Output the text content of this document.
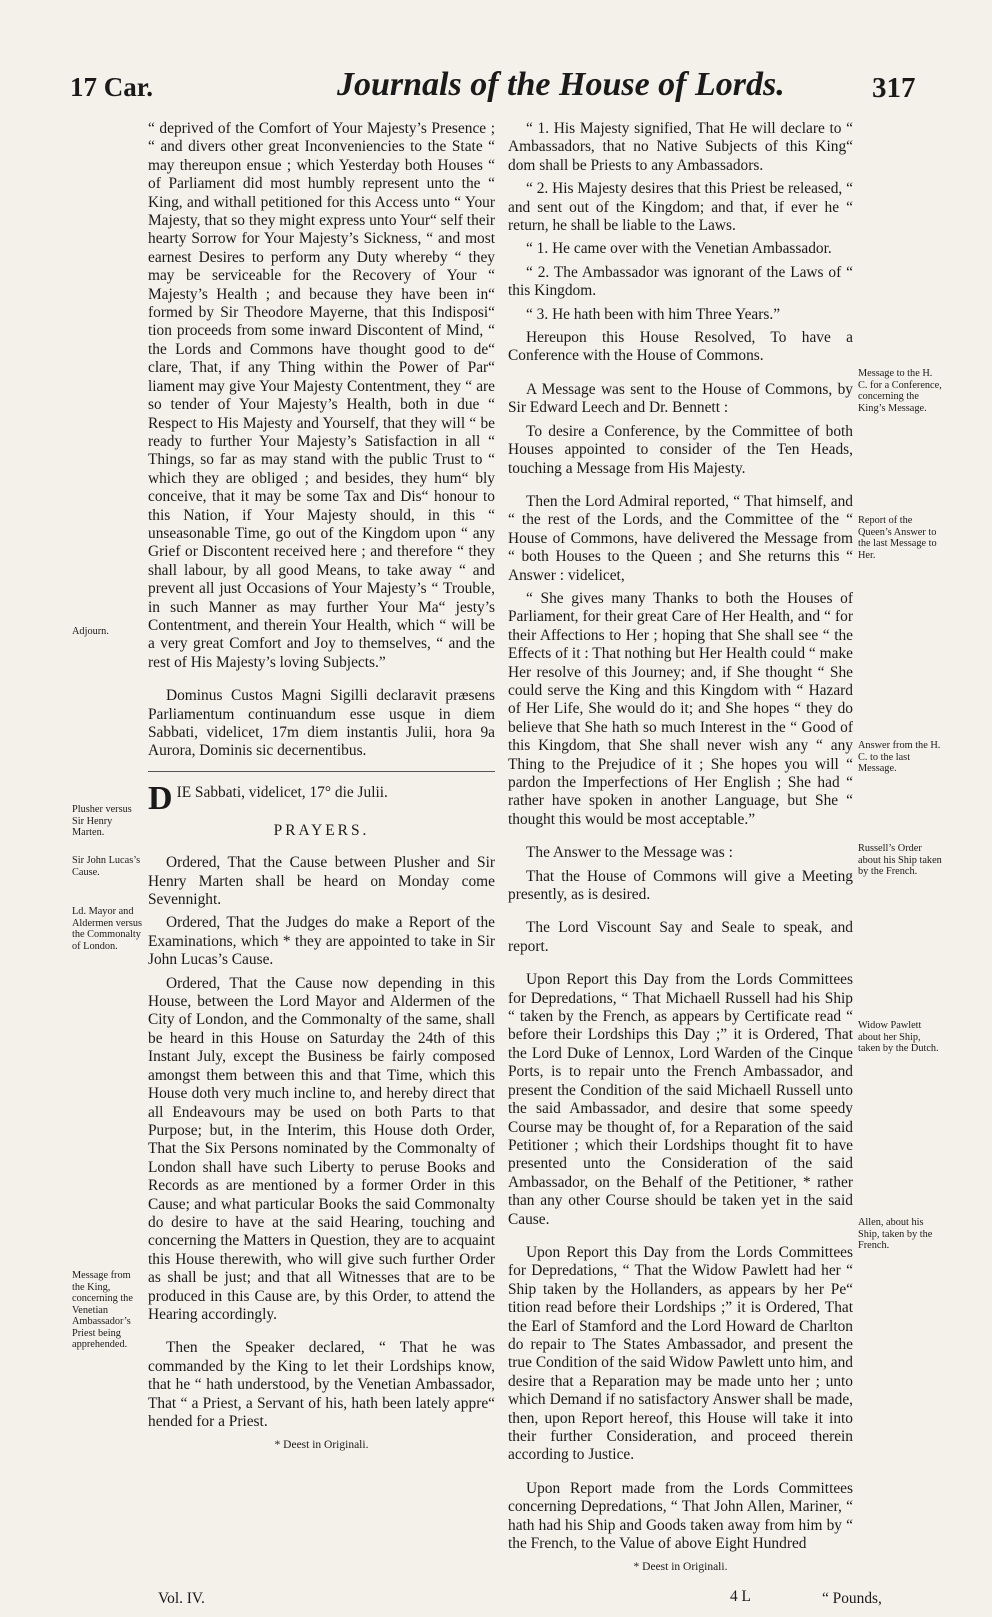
17 Car.	Journals of the House of Lords.	317

“ deprived of the Comfort of Your Majesty’s Presence ; “ and divers other great Inconveniencies to the State “ may thereupon ensue ; which Yesterday both Houses “ of Parliament did most humbly represent unto the “ King, and withall petitioned for this Access unto “ Your Majesty, that so they might express unto Your“ self their hearty Sorrow for Your Majesty’s Sickness, “ and most earnest Desires to perform any Duty whereby “ they may be serviceable for the Recovery of Your “ Majesty’s Health ; and because they have been in“ formed by Sir Theodore Mayerne, that this Indisposi“ tion proceeds from some inward Discontent of Mind, “ the Lords and Commons have thought good to de“ clare, That, if any Thing within the Power of Par“ liament may give Your Majesty Contentment, they “ are so tender of Your Majesty’s Health, both in due “ Respect to His Majesty and Yourself, that they will “ be ready to further Your Majesty’s Satisfaction in all “ Things, so far as may stand with the public Trust to “ which they are obliged ; and besides, they hum“ bly conceive, that it may be some Tax and Dis“ honour to this Nation, if Your Majesty should, in this “ unseasonable Time, go out of the Kingdom upon “ any Grief or Discontent received here ; and therefore “ they shall labour, by all good Means, to take away “ and prevent all just Occasions of Your Majesty’s “ Trouble, in such Manner as may further Your Ma“ jesty’s Contentment, and therein Your Health, which “ will be a very great Comfort and Joy to themselves, “ and the rest of His Majesty’s loving Subjects.”

Dominus Custos Magni Sigilli declaravit præsens Parliamentum continuandum esse usque in diem Sabbati, videlicet, 17m diem instantis Julii, hora 9a Aurora, Dominis sic decernentibus.

DIE Sabbati, videlicet, 17° die Julii.

PRAYERS.

Ordered, That the Cause between Plusher and Sir Henry Marten shall be heard on Monday come Sevennight.

Ordered, That the Judges do make a Report of the Examinations, which * they are appointed to take in Sir John Lucas’s Cause.

Ordered, That the Cause now depending in this House, between the Lord Mayor and Aldermen of the City of London, and the Commonalty of the same, shall be heard in this House on Saturday the 24th of this Instant July, except the Business be fairly composed amongst them between this and that Time, which this House doth very much incline to, and hereby direct that all Endeavours may be used on both Parts to that Purpose; but, in the Interim, this House doth Order, That the Six Persons nominated by the Commonalty of London shall have such Liberty to peruse Books and Records as are mentioned by a former Order in this Cause; and what particular Books the said Commonalty do desire to have at the said Hearing, touching and concerning the Matters in Question, they are to acquaint this House therewith, who will give such further Order as shall be just; and that all Witnesses that are to be produced in this Cause are, by this Order, to attend the Hearing accordingly.

Then the Speaker declared, “ That he was commanded by the King to let their Lordships know, that he “ hath understood, by the Venetian Ambassador, That “ a Priest, a Servant of his, hath been lately appre“ hended for a Priest.

* Deest in Originali.

“ 1. His Majesty signified, That He will declare to “ Ambassadors, that no Native Subjects of this King“ dom shall be Priests to any Ambassadors.

“ 2. His Majesty desires that this Priest be released, “ and sent out of the Kingdom; and that, if ever he “ return, he shall be liable to the Laws.

“ 1. He came over with the Venetian Ambassador.

“ 2. The Ambassador was ignorant of the Laws of “ this Kingdom.

“ 3. He hath been with him Three Years.”

Hereupon this House Resolved, To have a Conference with the House of Commons.

A Message was sent to the House of Commons, by Sir Edward Leech and Dr. Bennett :

To desire a Conference, by the Committee of both Houses appointed to consider of the Ten Heads, touching a Message from His Majesty.

Then the Lord Admiral reported, “ That himself, and “ the rest of the Lords, and the Committee of the “ House of Commons, have delivered the Message from “ both Houses to the Queen ; and She returns this “ Answer : videlicet,

“ She gives many Thanks to both the Houses of Parliament, for their great Care of Her Health, and “ for their Affections to Her ; hoping that She shall see “ the Effects of it : That nothing but Her Health could “ make Her resolve of this Journey; and, if She thought “ She could serve the King and this Kingdom with “ Hazard of Her Life, She would do it; and She hopes “ they do believe that She hath so much Interest in the “ Good of this Kingdom, that She shall never wish any “ any Thing to the Prejudice of it ; She hopes you will “ pardon the Imperfections of Her English ; She had “ rather have spoken in another Language, but She “ thought this would be most acceptable.”

The Answer to the Message was :

That the House of Commons will give a Meeting presently, as is desired.

The Lord Viscount Say and Seale to speak, and report.

Upon Report this Day from the Lords Committees for Depredations, “ That Michaell Russell had his Ship “ taken by the French, as appears by Certificate read “ before their Lordships this Day ;” it is Ordered, That the Lord Duke of Lennox, Lord Warden of the Cinque Ports, is to repair unto the French Ambassador, and present the Condition of the said Michaell Russell unto the said Ambassador, and desire that some speedy Course may be thought of, for a Reparation of the said Petitioner ; which their Lordships thought fit to have presented unto the Consideration of the said Ambassador, on the Behalf of the Petitioner, * rather than any other Course should be taken yet in the said Cause.

Upon Report this Day from the Lords Committees for Depredations, “ That the Widow Pawlett had her “ Ship taken by the Hollanders, as appears by her Pe“ tition read before their Lordships ;” it is Ordered, That the Earl of Stamford and the Lord Howard de Charlton do repair to The States Ambassador, and present the true Condition of the said Widow Pawlett unto him, and desire that a Reparation may be made unto her ; unto which Demand if no satisfactory Answer shall be made, then, upon Report hereof, this House will take it into their further Consideration, and proceed therein according to Justice.

Upon Report made from the Lords Committees concerning Depredations, “ That John Allen, Mariner, “ hath had his Ship and Goods taken away from him by “ the French, to the Value of above Eight Hundred

* Deest in Originali.

Adjourn.
Plusher versus Sir Henry Marten.
Sir John Lucas’s Cause.
Ld. Mayor and Aldermen versus the Commonalty of London.
Message from the King, concerning the Venetian Ambassador’s Priest being apprehended.
Message to the H. C. for a Conference, concerning the King’s Message.
Report of the Queen’s Answer to the last Message to Her.
Answer from the H. C. to the last Message.
Russell’s Order about his Ship taken by the French.
Widow Pawlett about her Ship, taken by the Dutch.
Allen, about his Ship, taken by the French.
Vol. IV.	4 L	“ Pounds,
